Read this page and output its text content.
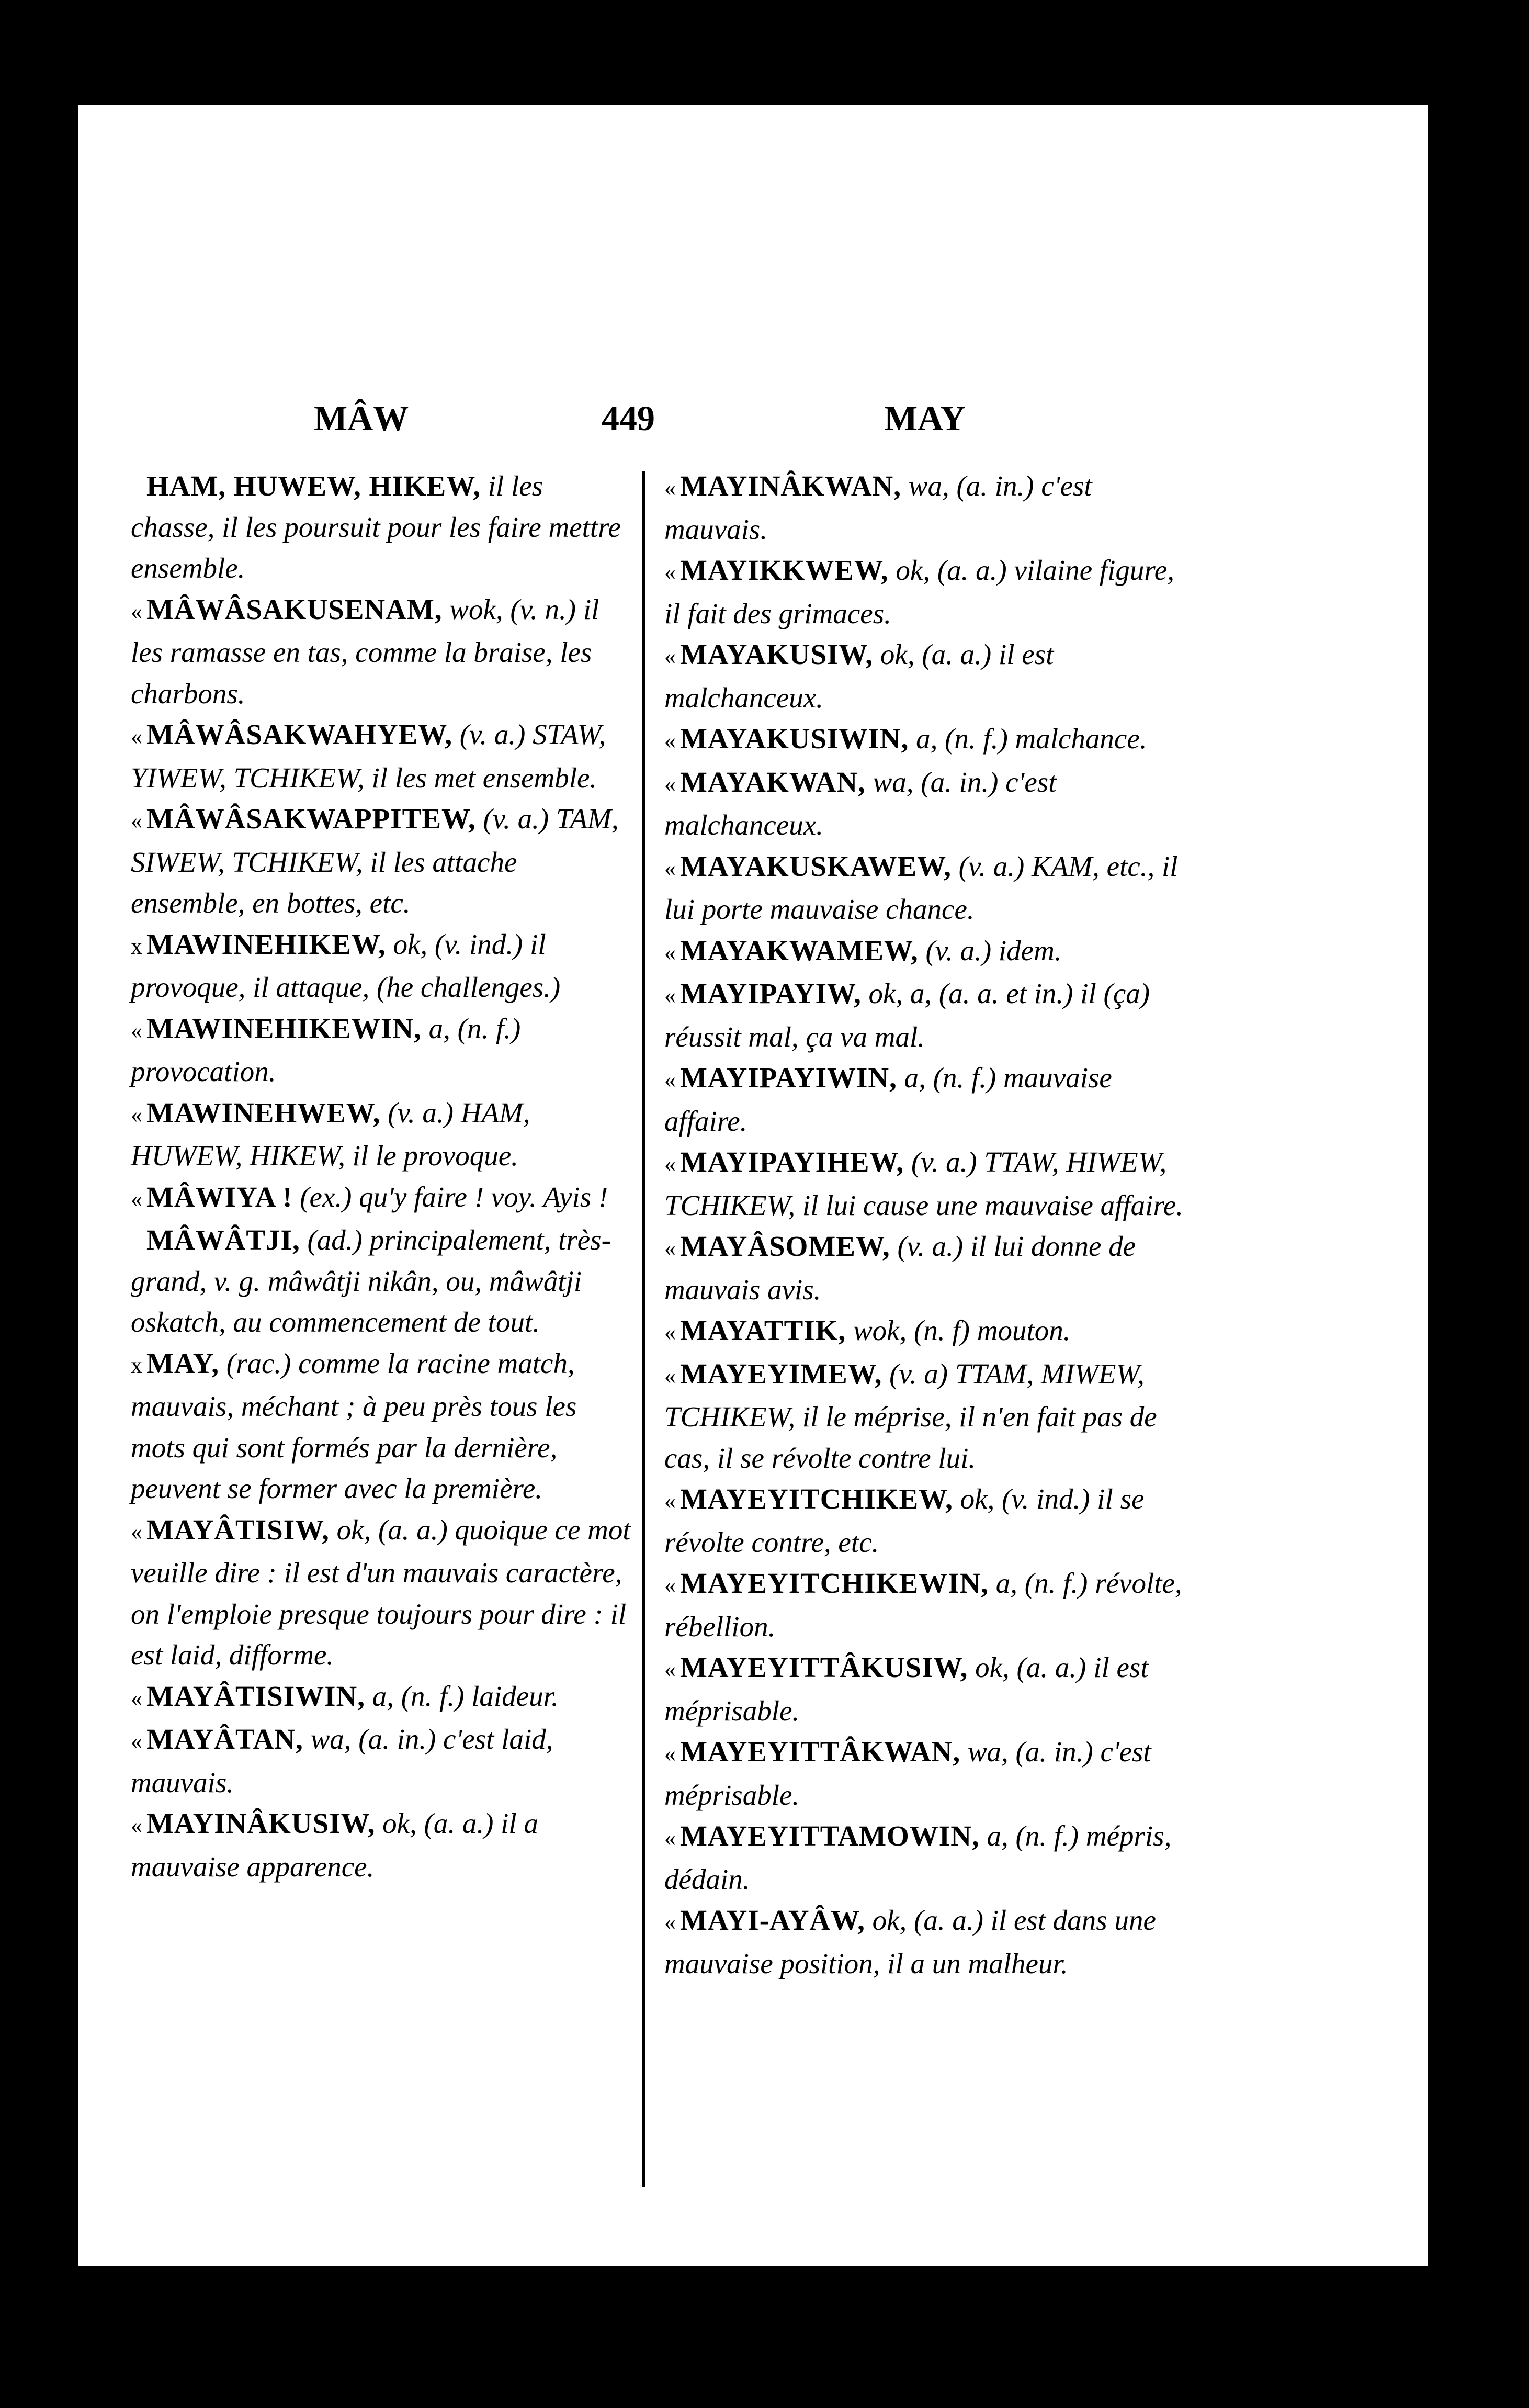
MÂW	449	MAY
HAM, HUWEW, HIKEW, il les chasse, il les poursuit pour les faire mettre ensemble.
« MÂWÂSAKUSENAM, wok, (v. n.) il les ramasse en tas, comme la braise, les charbons.
« MÂWÂSAKWAHYEW, (v. a.) STAW, YIWEW, TCHIKEW, il les met ensemble.
« MÂWÂSAKWAPPITEW, (v. a.) TAM, SIWEW, TCHIKEW, il les attache ensemble, en bottes, etc.
x MAWINEHIKEW, ok, (v. ind.) il provoque, il attaque, (he challenges.)
« MAWINEHIKEWIN, a, (n. f.) provocation.
« MAWINEHWEW, (v. a.) HAM, HUWEW, HIKEW, il le provoque.
« MÂWIYA ! (ex.) qu'y faire ! voy. Ayis !
MÂWÂTJI, (ad.) principalement, très-grand, v. g. mâwâtji nikân, ou, mâwâtji oskatch, au commencement de tout.
x MAY, (rac.) comme la racine match, mauvais, méchant ; à peu près tous les mots qui sont formés par la dernière, peuvent se former avec la première.
« MAYÂTISIW, ok, (a. a.) quoique ce mot veuille dire : il est d'un mauvais caractère, on l'emploie presque toujours pour dire : il est laid, difforme.
« MAYÂTISIWIN, a, (n. f.) laideur.
« MAYÂTAN, wa, (a. in.) c'est laid, mauvais.
« MAYINÂKUSIW, ok, (a. a.) il a mauvaise apparence.
« MAYINÂKWAN, wa, (a. in.) c'est mauvais.
« MAYIKKWEW, ok, (a. a.) vilaine figure, il fait des grimaces.
« MAYAKUSIW, ok, (a. a.) il est malchanceux.
« MAYAKUSIWIN, a, (n. f.) malchance.
« MAYAKWAN, wa, (a. in.) c'est malchanceux.
« MAYAKUSKAWEW, (v. a.) KAM, etc., il lui porte mauvaise chance.
« MAYAKWAMEW, (v. a.) idem.
« MAYIPAYIW, ok, a, (a. a. et in.) il (ça) réussit mal, ça va mal.
« MAYIPAYIWIN, a, (n. f.) mauvaise affaire.
« MAYIPAYIHEW, (v. a.) TTAW, HIWEW, TCHIKEW, il lui cause une mauvaise affaire.
« MAYÂSOMEW, (v. a.) il lui donne de mauvais avis.
« MAYATTIK, wok, (n. f) mouton.
« MAYEYIMEW, (v. a) TTAM, MIWEW, TCHIKEW, il le méprise, il n'en fait pas de cas, il se révolte contre lui.
« MAYEYITCHIKEW, ok, (v. ind.) il se révolte contre, etc.
« MAYEYITCHIKEWIN, a, (n. f.) révolte, rébellion.
« MAYEYITTÂKUSIW, ok, (a. a.) il est méprisable.
« MAYEYITTÂKWAN, wa, (a. in.) c'est méprisable.
« MAYEYITTAMOWIN, a, (n. f.) mépris, dédain.
« MAYI-AYÂW, ok, (a. a.) il est dans une mauvaise position, il a un malheur.
